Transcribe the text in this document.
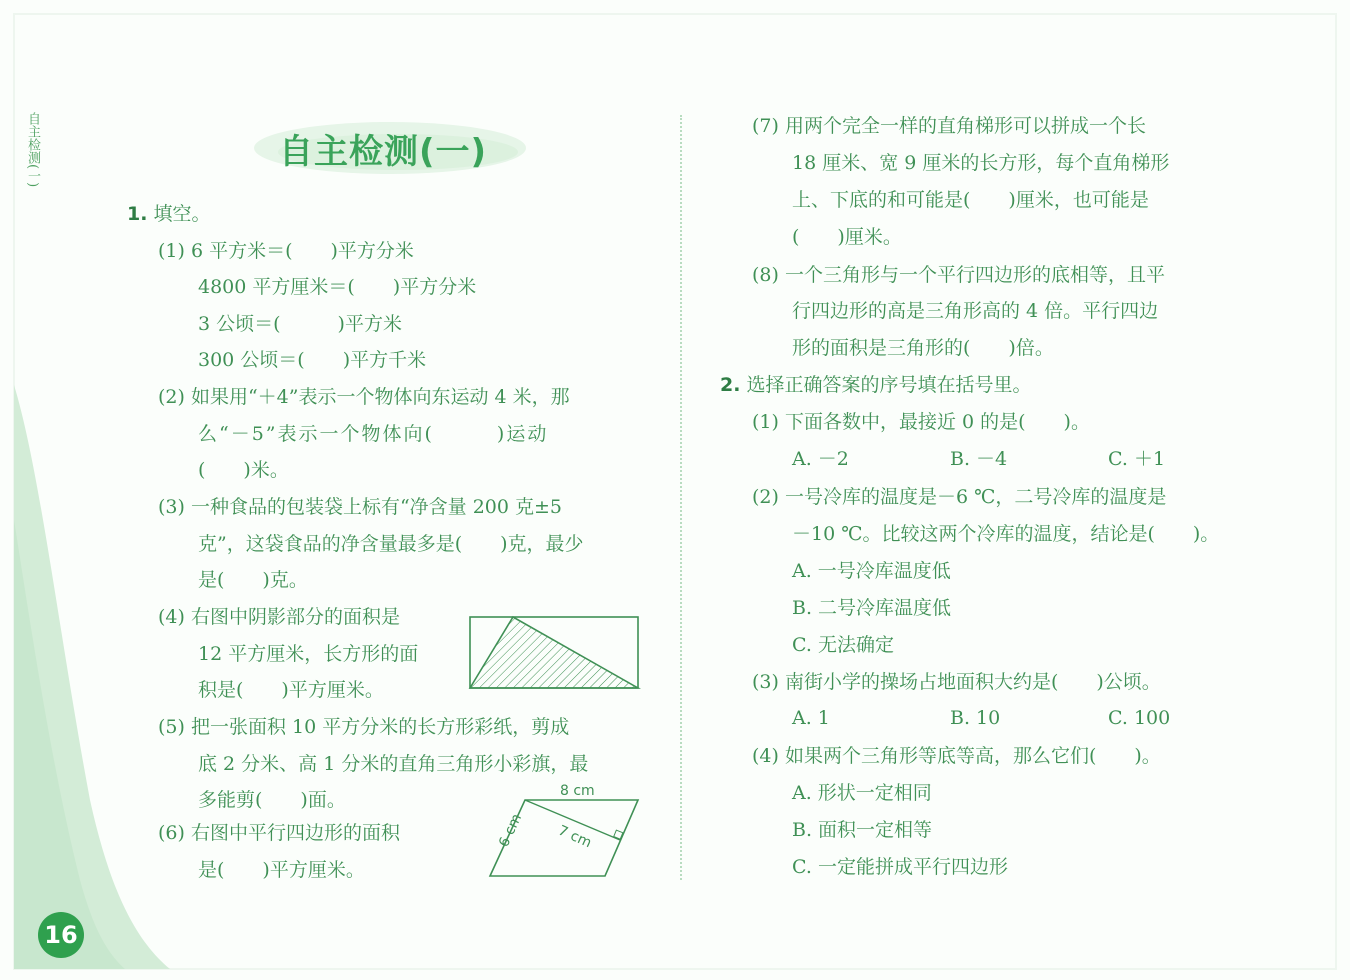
自主检测(一)	自主检测(一)
1. 填空。
(1) 6 平方米＝(　　)平方分米
4800 平方厘米＝(　　)平方分米
3 公顷＝(　　　)平方米
300 公顷＝(　　)平方千米
(2) 如果用“＋4”表示一个物体向东运动 4 米，那
么“－5”表示一个物体向(　　　)运动
(　　)米。
(3) 一种食品的包装袋上标有“净含量 200 克±5
克”，这袋食品的净含量最多是(　　)克，最少
是(　　)克。
(4) 右图中阴影部分的面积是
12 平方厘米，长方形的面
积是(　　)平方厘米。
(5) 把一张面积 10 平方分米的长方形彩纸，剪成
底 2 分米、高 1 分米的直角三角形小彩旗，最
多能剪(　　)面。
(6) 右图中平行四边形的面积
是(　　)平方厘米。
8 cm
6 cm 7 cm
(7) 用两个完全一样的直角梯形可以拼成一个长
18 厘米、宽 9 厘米的长方形，每个直角梯形
上、下底的和可能是(　　)厘米，也可能是
(　　)厘米。
(8) 一个三角形与一个平行四边形的底相等，且平
行四边形的高是三角形高的 4 倍。平行四边
形的面积是三角形的(　　)倍。
2. 选择正确答案的序号填在括号里。
(1) 下面各数中，最接近 0 的是(　　)。
A. －2	B. －4	C. ＋1
(2) 一号冷库的温度是－6 ℃，二号冷库的温度是
－10 ℃。比较这两个冷库的温度，结论是(　　)。
A. 一号冷库温度低
B. 二号冷库温度低
C. 无法确定
(3) 南街小学的操场占地面积大约是(　　)公顷。
A. 1	B. 10	C. 100
(4) 如果两个三角形等底等高，那么它们(　　)。
A. 形状一定相同
B. 面积一定相等
C. 一定能拼成平行四边形
16
